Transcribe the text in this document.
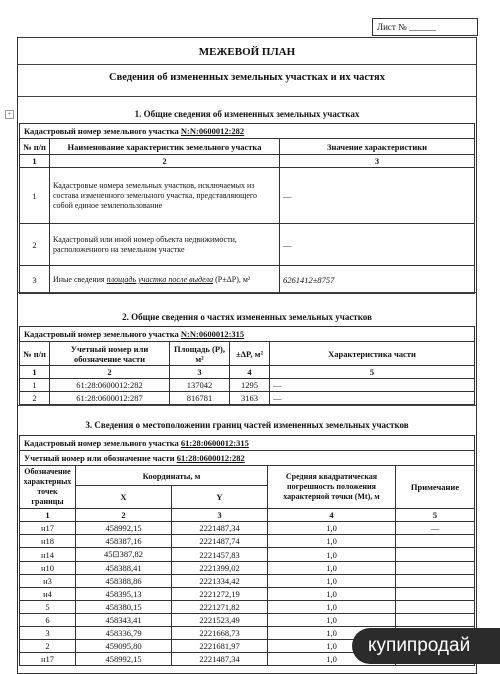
Лист № ______
+
МЕЖЕВОЙ ПЛАН
Сведения об измененных земельных участках и их частях
1. Общие сведения об измененных земельных участках
2. Общие сведения о частях измененных земельных участков
3. Сведения о местоположении границ частей измененных земельных участков
Кадастровый номер земельного участка N:N:0600012:282		
№ п/п	Наименование характеристик земельного участка	Значение характеристики
1	2	3
1	Кадастровые номера земельных участков, исключаемых из состава измененного земельного участка, представляющего собой единое землепользование	—
2	Кадастровый или иной номер объекта недвижимости, расположенного на земельном участке	—
3	Иные сведения площадь участка после выдела (P±ΔP), м²	6261412±8757
Кадастровый номер земельного участка N:N:0600012:315				
№ п/п	Учетный номер или обозначение части	Площадь (P), м²	±ΔP, м²	Характеристика части
1	2	3	4	5
1	61:28:0600012:282	137042	1295	—
2	61:28:0600012:287	816781	3163	—
Кадастровый номер земельного участка 61:28:0600012:315				
Учетный номер или обозначение части 61:28:0600012:282				
Обозначение характерных точек границы	Координаты, м		Средняя квадратическая погрешность положения характерной точки (Mt), м	Примечание
	X	Y		
1	2	3	4	5
н17	458992,15	2221487,34	1,0	—
н18	458387,16	2221487,74	1,0	
н14	45⊡387,82	2221457,83	1,0	
н10	458388,41	2221399,02	1,0	
н3	458388,86	2221334,42	1,0	
н4	458395,13	2221272,19	1,0	
5	458380,15	2221271,82	1,0	
6	458343,41	2221523,49	1,0	
3	458336,79	2221668,73	1,0	
2	459095,80	2221681,97	1,0	
н17	458992,15	2221487,34	1,0	
купипродай
